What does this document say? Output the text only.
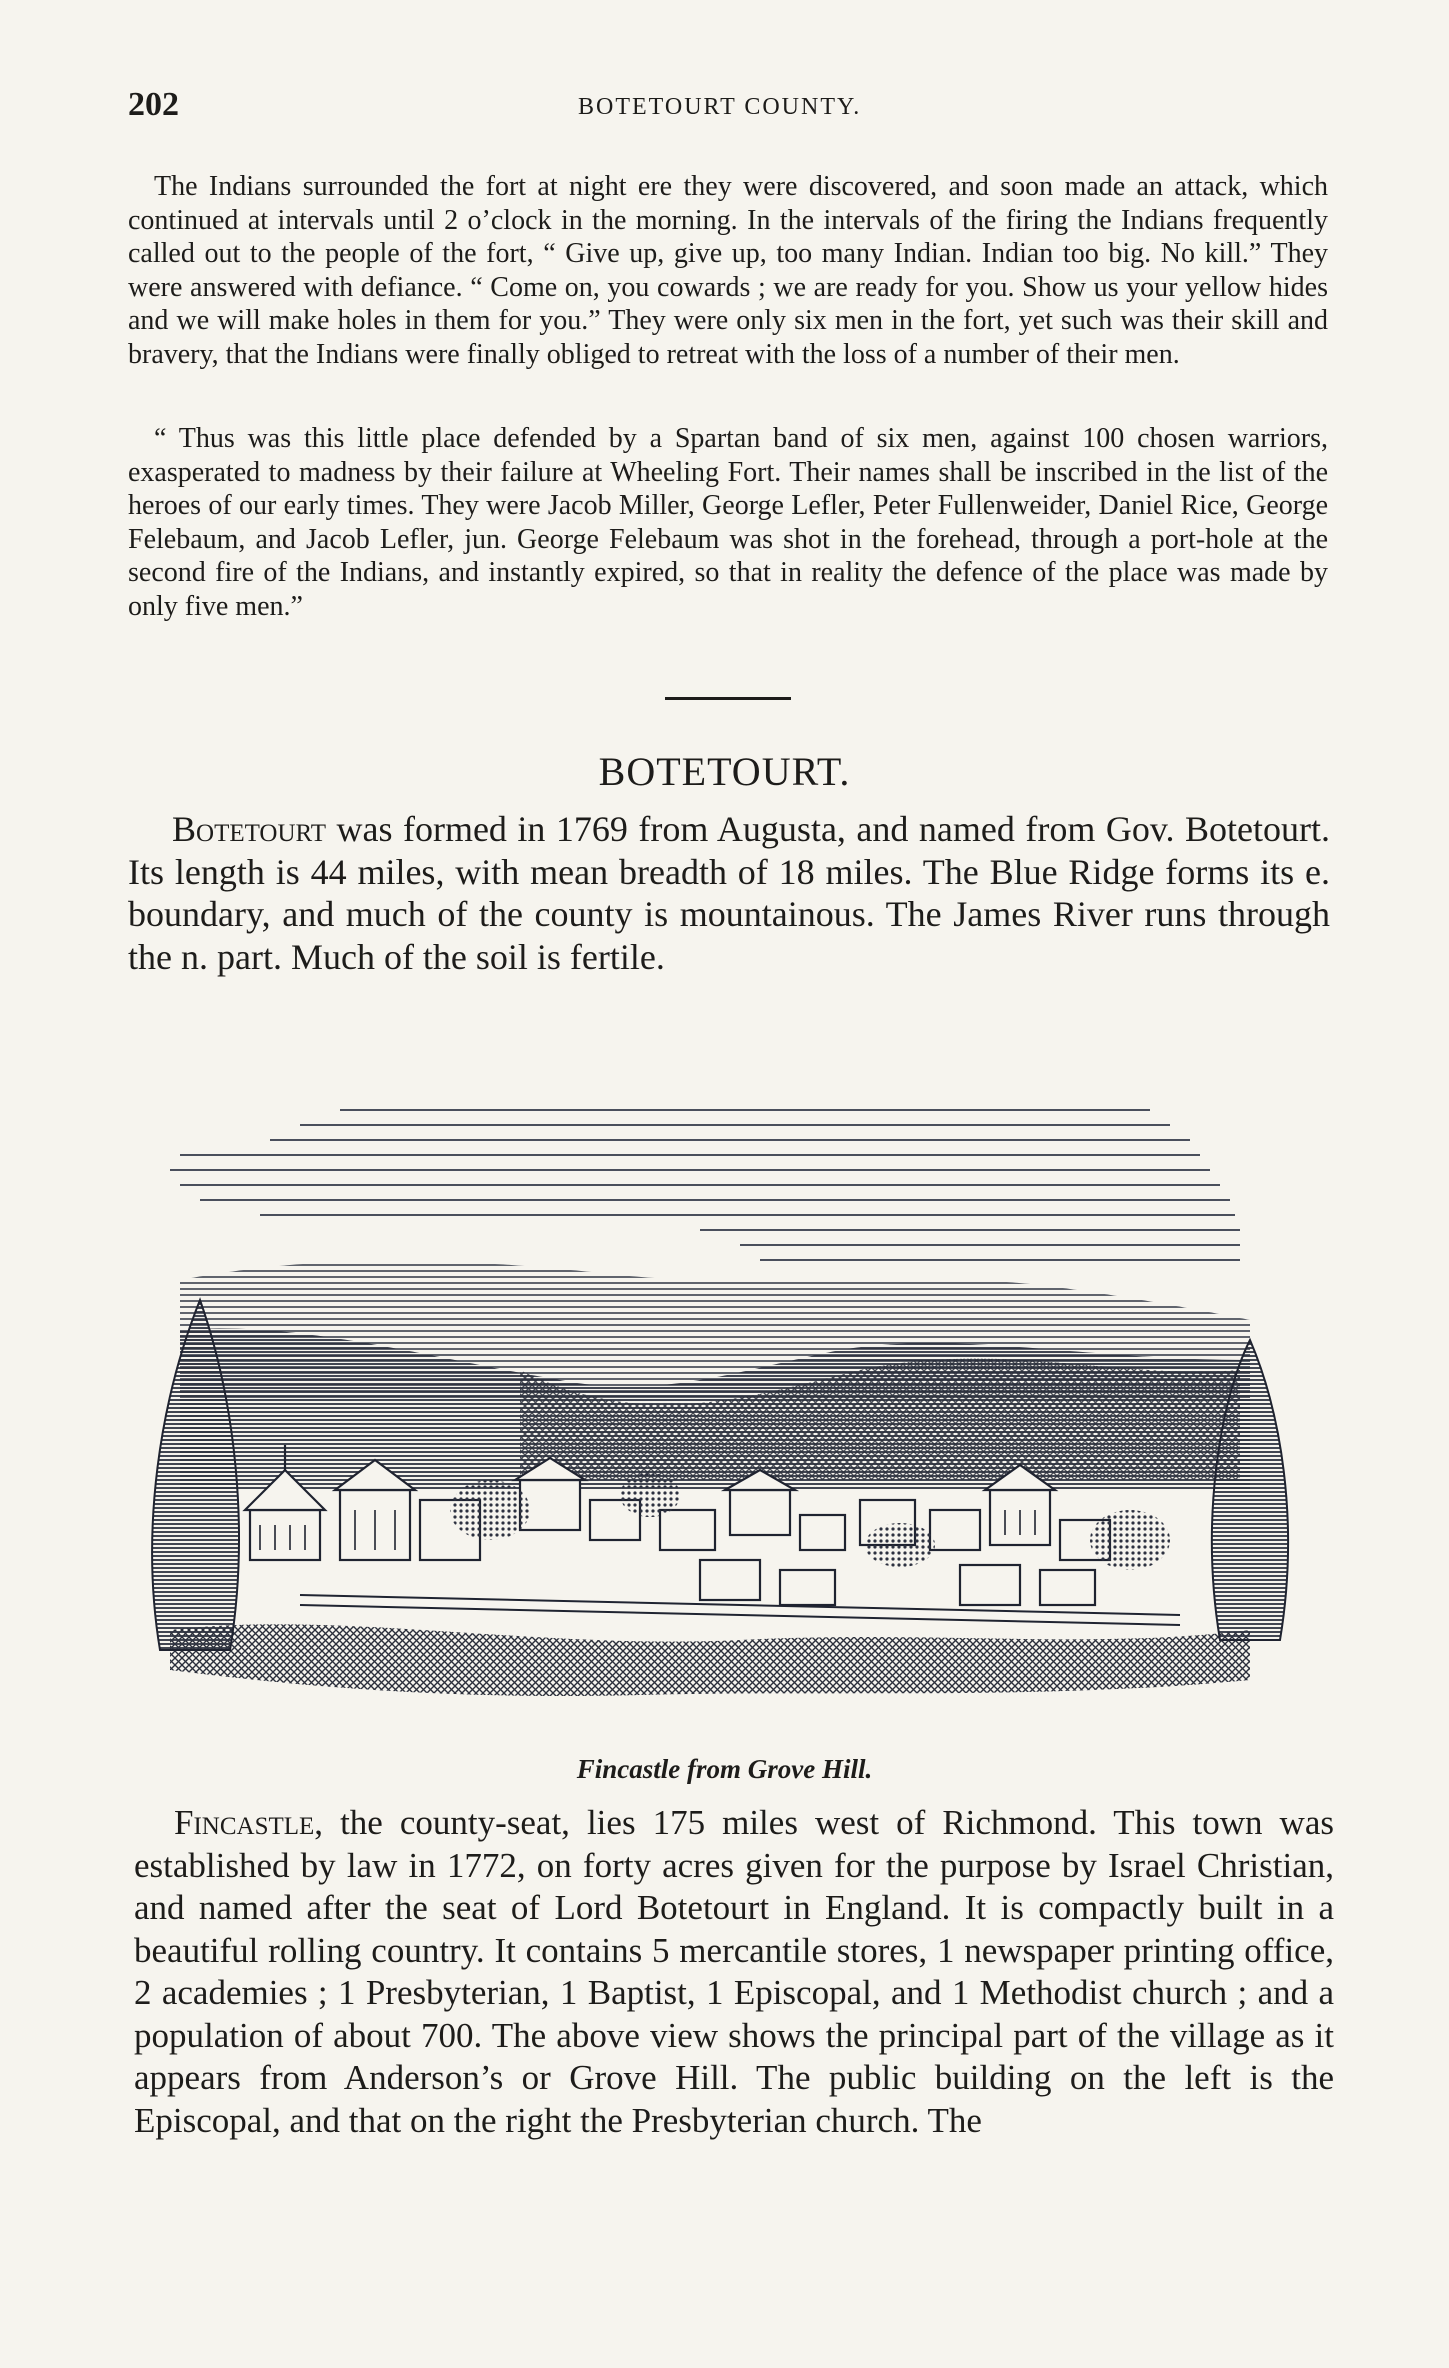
202	BOTETOURT COUNTY.

The Indians surrounded the fort at night ere they were discovered, and soon made an attack, which continued at intervals until 2 o’clock in the morning. In the intervals of the firing the Indians frequently called out to the people of the fort, “ Give up, give up, too many Indian. Indian too big. No kill.” They were answered with defiance. “ Come on, you cowards ; we are ready for you. Show us your yellow hides and we will make holes in them for you.” They were only six men in the fort, yet such was their skill and bravery, that the Indians were finally obliged to retreat with the loss of a number of their men.

“ Thus was this little place defended by a Spartan band of six men, against 100 chosen warriors, exasperated to madness by their failure at Wheeling Fort. Their names shall be inscribed in the list of the heroes of our early times. They were Jacob Miller, George Lefler, Peter Fullenweider, Daniel Rice, George Felebaum, and Jacob Lefler, jun. George Felebaum was shot in the forehead, through a port-hole at the second fire of the Indians, and instantly expired, so that in reality the defence of the place was made by only five men.”

BOTETOURT.

Botetourt was formed in 1769 from Augusta, and named from Gov. Botetourt. Its length is 44 miles, with mean breadth of 18 miles. The Blue Ridge forms its e. boundary, and much of the county is mountainous. The James River runs through the n. part. Much of the soil is fertile.

Fincastle from Grove Hill.

Fincastle, the county-seat, lies 175 miles west of Richmond. This town was established by law in 1772, on forty acres given for the purpose by Israel Christian, and named after the seat of Lord Botetourt in England. It is compactly built in a beautiful rolling country. It contains 5 mercantile stores, 1 newspaper printing office, 2 academies ; 1 Presbyterian, 1 Baptist, 1 Episcopal, and 1 Methodist church ; and a population of about 700. The above view shows the principal part of the village as it appears from Anderson’s or Grove Hill. The public building on the left is the Episcopal, and that on the right the Presbyterian church. The
